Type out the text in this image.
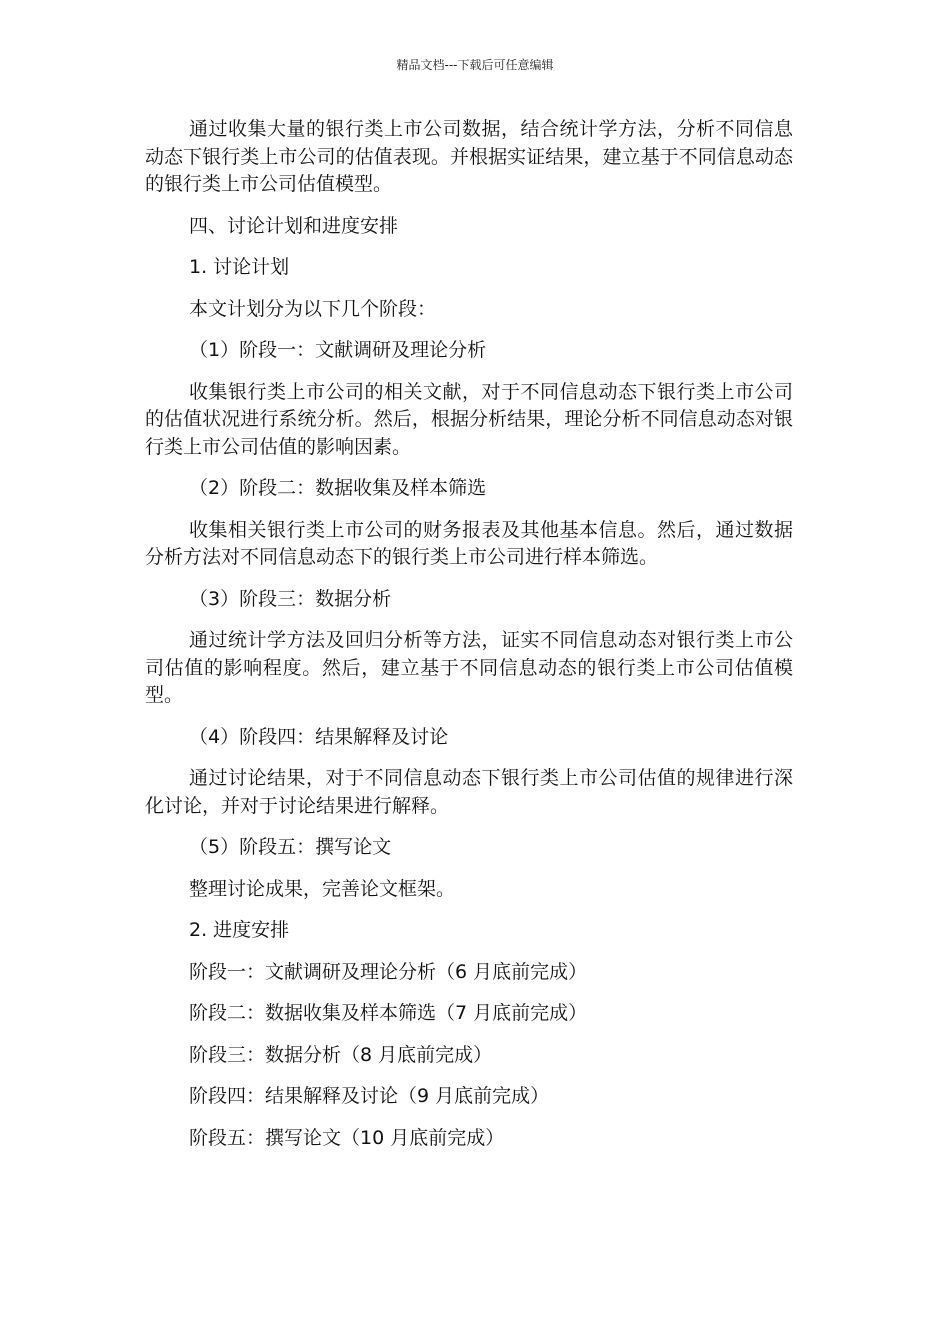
精品文档---下载后可任意编辑

通过收集大量的银行类上市公司数据，结合统计学方法，分析不同信息动态下银行类上市公司的估值表现。并根据实证结果，建立基于不同信息动态的银行类上市公司估值模型。

四、讨论计划和进度安排

1. 讨论计划

本文计划分为以下几个阶段：

（1）阶段一：文献调研及理论分析

收集银行类上市公司的相关文献，对于不同信息动态下银行类上市公司的估值状况进行系统分析。然后，根据分析结果，理论分析不同信息动态对银行类上市公司估值的影响因素。

（2）阶段二：数据收集及样本筛选

收集相关银行类上市公司的财务报表及其他基本信息。然后，通过数据分析方法对不同信息动态下的银行类上市公司进行样本筛选。

（3）阶段三：数据分析

通过统计学方法及回归分析等方法，证实不同信息动态对银行类上市公司估值的影响程度。然后，建立基于不同信息动态的银行类上市公司估值模型。

（4）阶段四：结果解释及讨论

通过讨论结果，对于不同信息动态下银行类上市公司估值的规律进行深化讨论，并对于讨论结果进行解释。

（5）阶段五：撰写论文

整理讨论成果，完善论文框架。

2. 进度安排

阶段一：文献调研及理论分析（6 月底前完成）

阶段二：数据收集及样本筛选（7 月底前完成）

阶段三：数据分析（8 月底前完成）

阶段四：结果解释及讨论（9 月底前完成）

阶段五：撰写论文（10 月底前完成）
